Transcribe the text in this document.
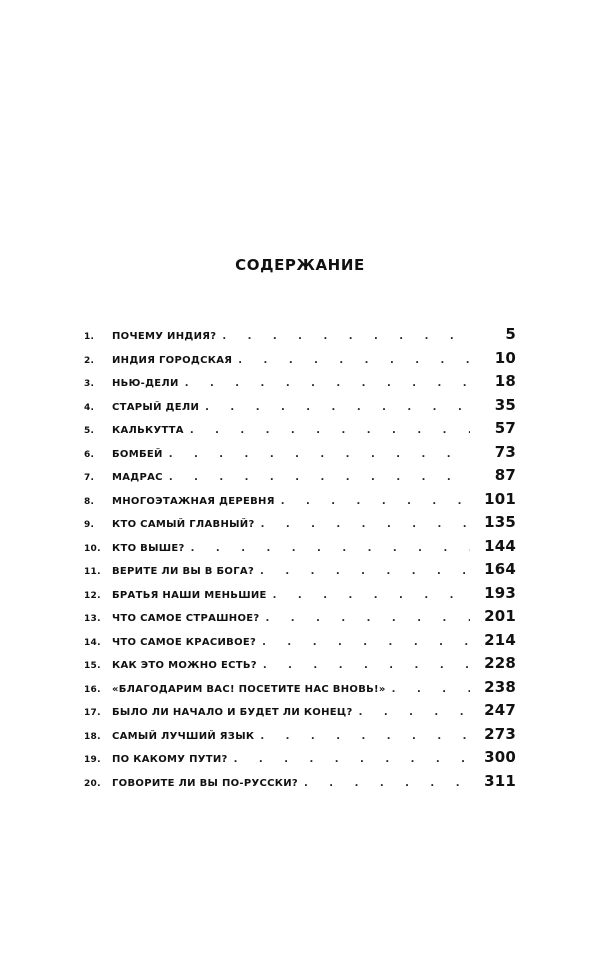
СОДЕРЖАНИЕ
1.	ПОЧЕМУ ИНДИЯ? . . .	5
2.	ИНДИЯ ГОРОДСКАЯ . . .	10
3.	НЬЮ-ДЕЛИ . . .	18
4.	СТАРЫЙ ДЕЛИ . . .	35
5.	КАЛЬКУТТА . . .	57
6.	БОМБЕЙ . . .	73
7.	МАДРАС . . .	87
8.	МНОГОЭТАЖНАЯ ДЕРЕВНЯ . . .	101
9.	КТО САМЫЙ ГЛАВНЫЙ? . . .	135
10.	КТО ВЫШЕ? . . .	144
11.	ВЕРИТЕ ЛИ ВЫ В БОГА? . . .	164
12.	БРАТЬЯ НАШИ МЕНЬШИЕ . . .	193
13.	ЧТО САМОЕ СТРАШНОЕ? . . .	201
14.	ЧТО САМОЕ КРАСИВОЕ? . . .	214
15.	КАК ЭТО МОЖНО ЕСТЬ? . . .	228
16.	«БЛАГОДАРИМ ВАС! ПОСЕТИТЕ НАС ВНОВЬ!» . . .	238
17.	БЫЛО ЛИ НАЧАЛО И БУДЕТ ЛИ КОНЕЦ? . . .	247
18.	САМЫЙ ЛУЧШИЙ ЯЗЫК . . .	273
19.	ПО КАКОМУ ПУТИ? . . .	300
20.	ГОВОРИТЕ ЛИ ВЫ ПО-РУССКИ? . . .	311
